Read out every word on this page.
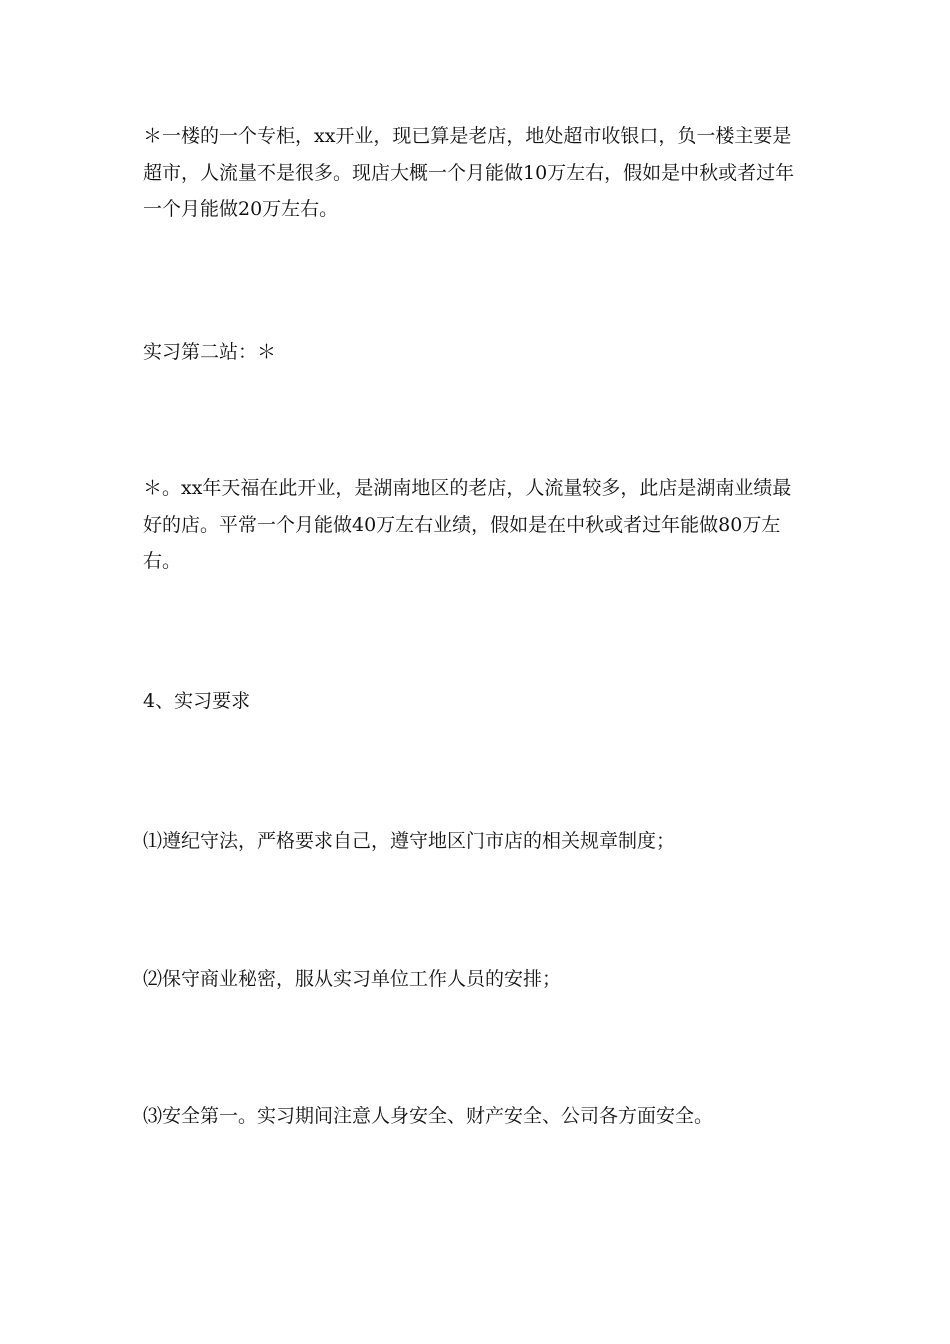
＊一楼的一个专柜，xx开业，现已算是老店，地处超市收银口，负一楼主要是
超市，人流量不是很多。现店大概一个月能做10万左右，假如是中秋或者过年
一个月能做20万左右。

实习第二站：＊

＊。xx年天福在此开业，是湖南地区的老店，人流量较多，此店是湖南业绩最
好的店。平常一个月能做40万左右业绩，假如是在中秋或者过年能做80万左
右。

4、实习要求

⑴遵纪守法，严格要求自己，遵守地区门市店的相关规章制度；

⑵保守商业秘密，服从实习单位工作人员的安排；

⑶安全第一。实习期间注意人身安全、财产安全、公司各方面安全。
